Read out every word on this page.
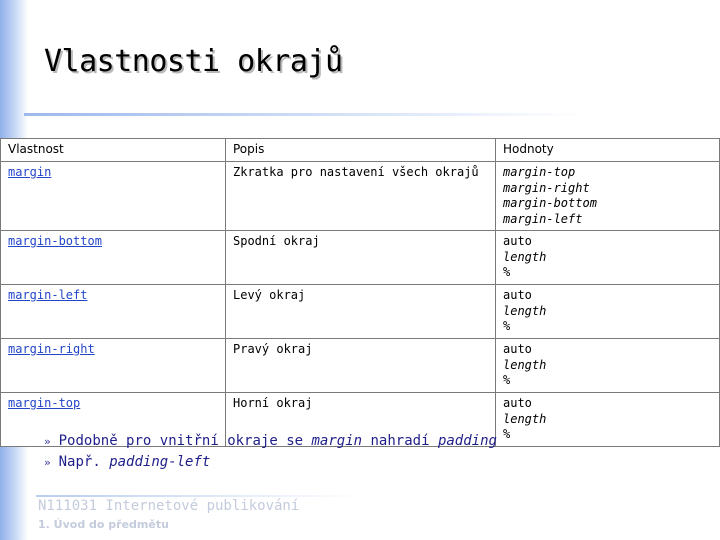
Vlastnosti okrajů
Vlastnost	Popis	Hodnoty
margin	Zkratka pro nastavení všech okrajů	margin-top
margin-right
margin-bottom
margin-left

margin-bottom	Spodní okraj	auto
length
%

margin-left	Levý okraj	auto
length
%

margin-right	Pravý okraj	auto
length
%

margin-top	Horní okraj	auto
length
%
» Podobně pro vnitřní okraje se margin nahradí padding
» Např. padding-left
N111031 Internetové publikování
1. Úvod do předmětu
